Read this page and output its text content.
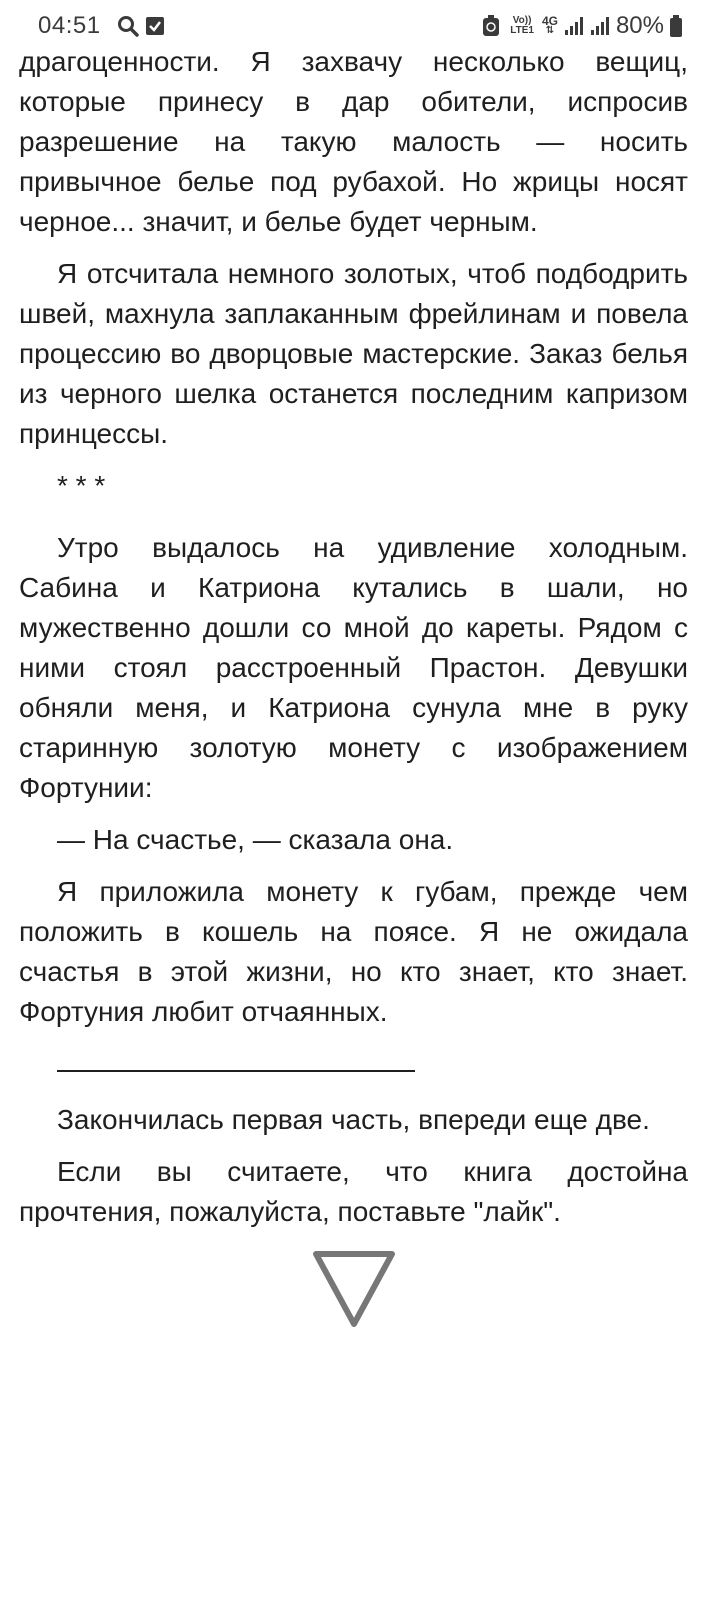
04:51	Vo))
LTE1
4G
⇅	80%

драгоценности. Я захвачу несколько вещиц, которые принесу в дар обители, испросив разрешение на такую малость — носить привычное белье под рубахой. Но жрицы носят черное... значит, и белье будет черным.

Я отсчитала немного золотых, чтоб подбодрить швей, махнула заплаканным фрейлинам и повела процессию во дворцовые мастерские. Заказ белья из черного шелка останется последним капризом принцессы.

* * *

Утро выдалось на удивление холодным. Сабина и Катриона кутались в шали, но мужественно дошли со мной до кареты. Рядом с ними стоял расстроенный Прастон. Девушки обняли меня, и Катриона сунула мне в руку старинную золотую монету с изображением Фортунии:

— На счастье, — сказала она.

Я приложила монету к губам, прежде чем положить в кошель на поясе. Я не ожидала счастья в этой жизни, но кто знает, кто знает. Фортуния любит отчаянных.

Закончилась первая часть, впереди еще две.

Если вы считаете, что книга достойна прочтения, пожалуйста, поставьте "лайк".
